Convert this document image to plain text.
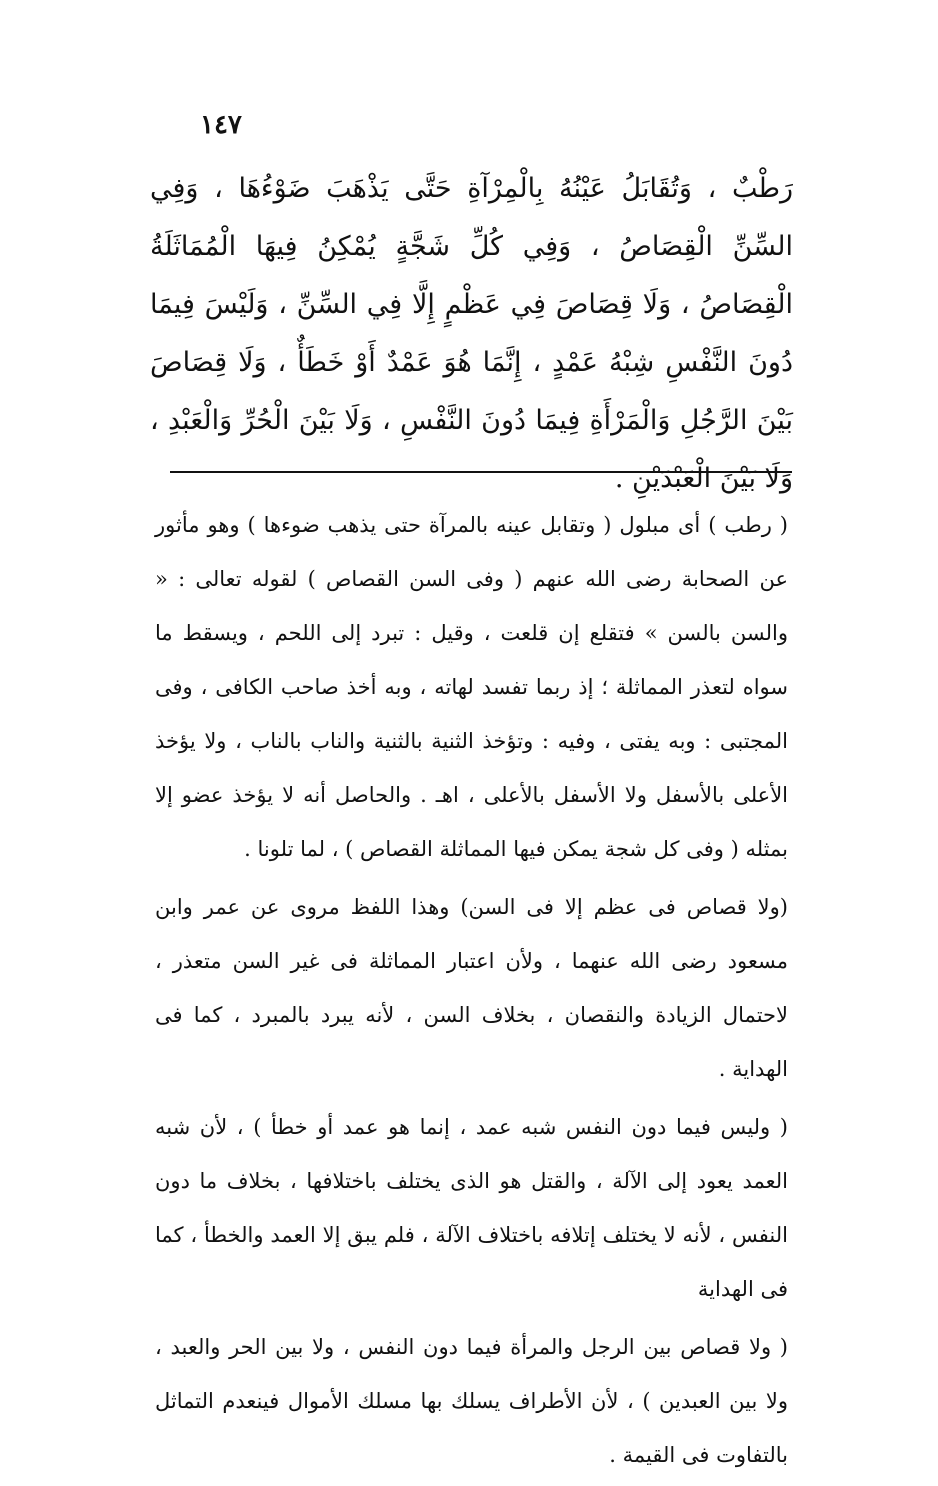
١٤٧

رَطْبٌ ، وَتُقَابَلُ عَيْنُهُ بِالْمِرْآةِ حَتَّى يَذْهَبَ ضَوْءُهَا ، وَفِي السِّنِّ الْقِصَاصُ ، وَفِي كُلِّ شَجَّةٍ يُمْكِنُ فِيهَا الْمُمَاثَلَةُ الْقِصَاصُ ، وَلَا قِصَاصَ فِي عَظْمٍ إِلَّا فِي السِّنِّ ، وَلَيْسَ فِيمَا دُونَ النَّفْسِ شِبْهُ عَمْدٍ ، إِنَّمَا هُوَ عَمْدٌ أَوْ خَطَأٌ ، وَلَا قِصَاصَ بَيْنَ الرَّجُلِ وَالْمَرْأَةِ فِيمَا دُونَ النَّفْسِ ، وَلَا بَيْنَ الْحُرِّ وَالْعَبْدِ ، وَلَا بَيْنَ الْعَبْدَيْنِ .

( رطب ) أى مبلول ( وتقابل عينه بالمرآة حتى يذهب ضوءها ) وهو مأثور عن الصحابة رضى الله عنهم ( وفى السن القصاص ) لقوله تعالى : « والسن بالسن » فتقلع إن قلعت ، وقيل : تبرد إلى اللحم ، ويسقط ما سواه لتعذر المماثلة ؛ إذ ربما تفسد لهاته ، وبه أخذ صاحب الكافى ، وفى المجتبى : وبه يفتى ، وفيه : وتؤخذ الثنية بالثنية والناب بالناب ، ولا يؤخذ الأعلى بالأسفل ولا الأسفل بالأعلى ، اهـ . والحاصل أنه لا يؤخذ عضو إلا بمثله ( وفى كل شجة يمكن فيها المماثلة القصاص ) ، لما تلونا .

(ولا قصاص فى عظم إلا فى السن) وهذا اللفظ مروى عن عمر وابن مسعود رضى الله عنهما ، ولأن اعتبار المماثلة فى غير السن متعذر ، لاحتمال الزيادة والنقصان ، بخلاف السن ، لأنه يبرد بالمبرد ، كما فى الهداية .

( وليس فيما دون النفس شبه عمد ، إنما هو عمد أو خطأ ) ، لأن شبه العمد يعود إلى الآلة ، والقتل هو الذى يختلف باختلافها ، بخلاف ما دون النفس ، لأنه لا يختلف إتلافه باختلاف الآلة ، فلم يبق إلا العمد والخطأ ، كما فى الهداية

( ولا قصاص بين الرجل والمرأة فيما دون النفس ، ولا بين الحر والعبد ، ولا بين العبدين ) ، لأن الأطراف يسلك بها مسلك الأموال فينعدم التماثل بالتفاوت فى القيمة .
